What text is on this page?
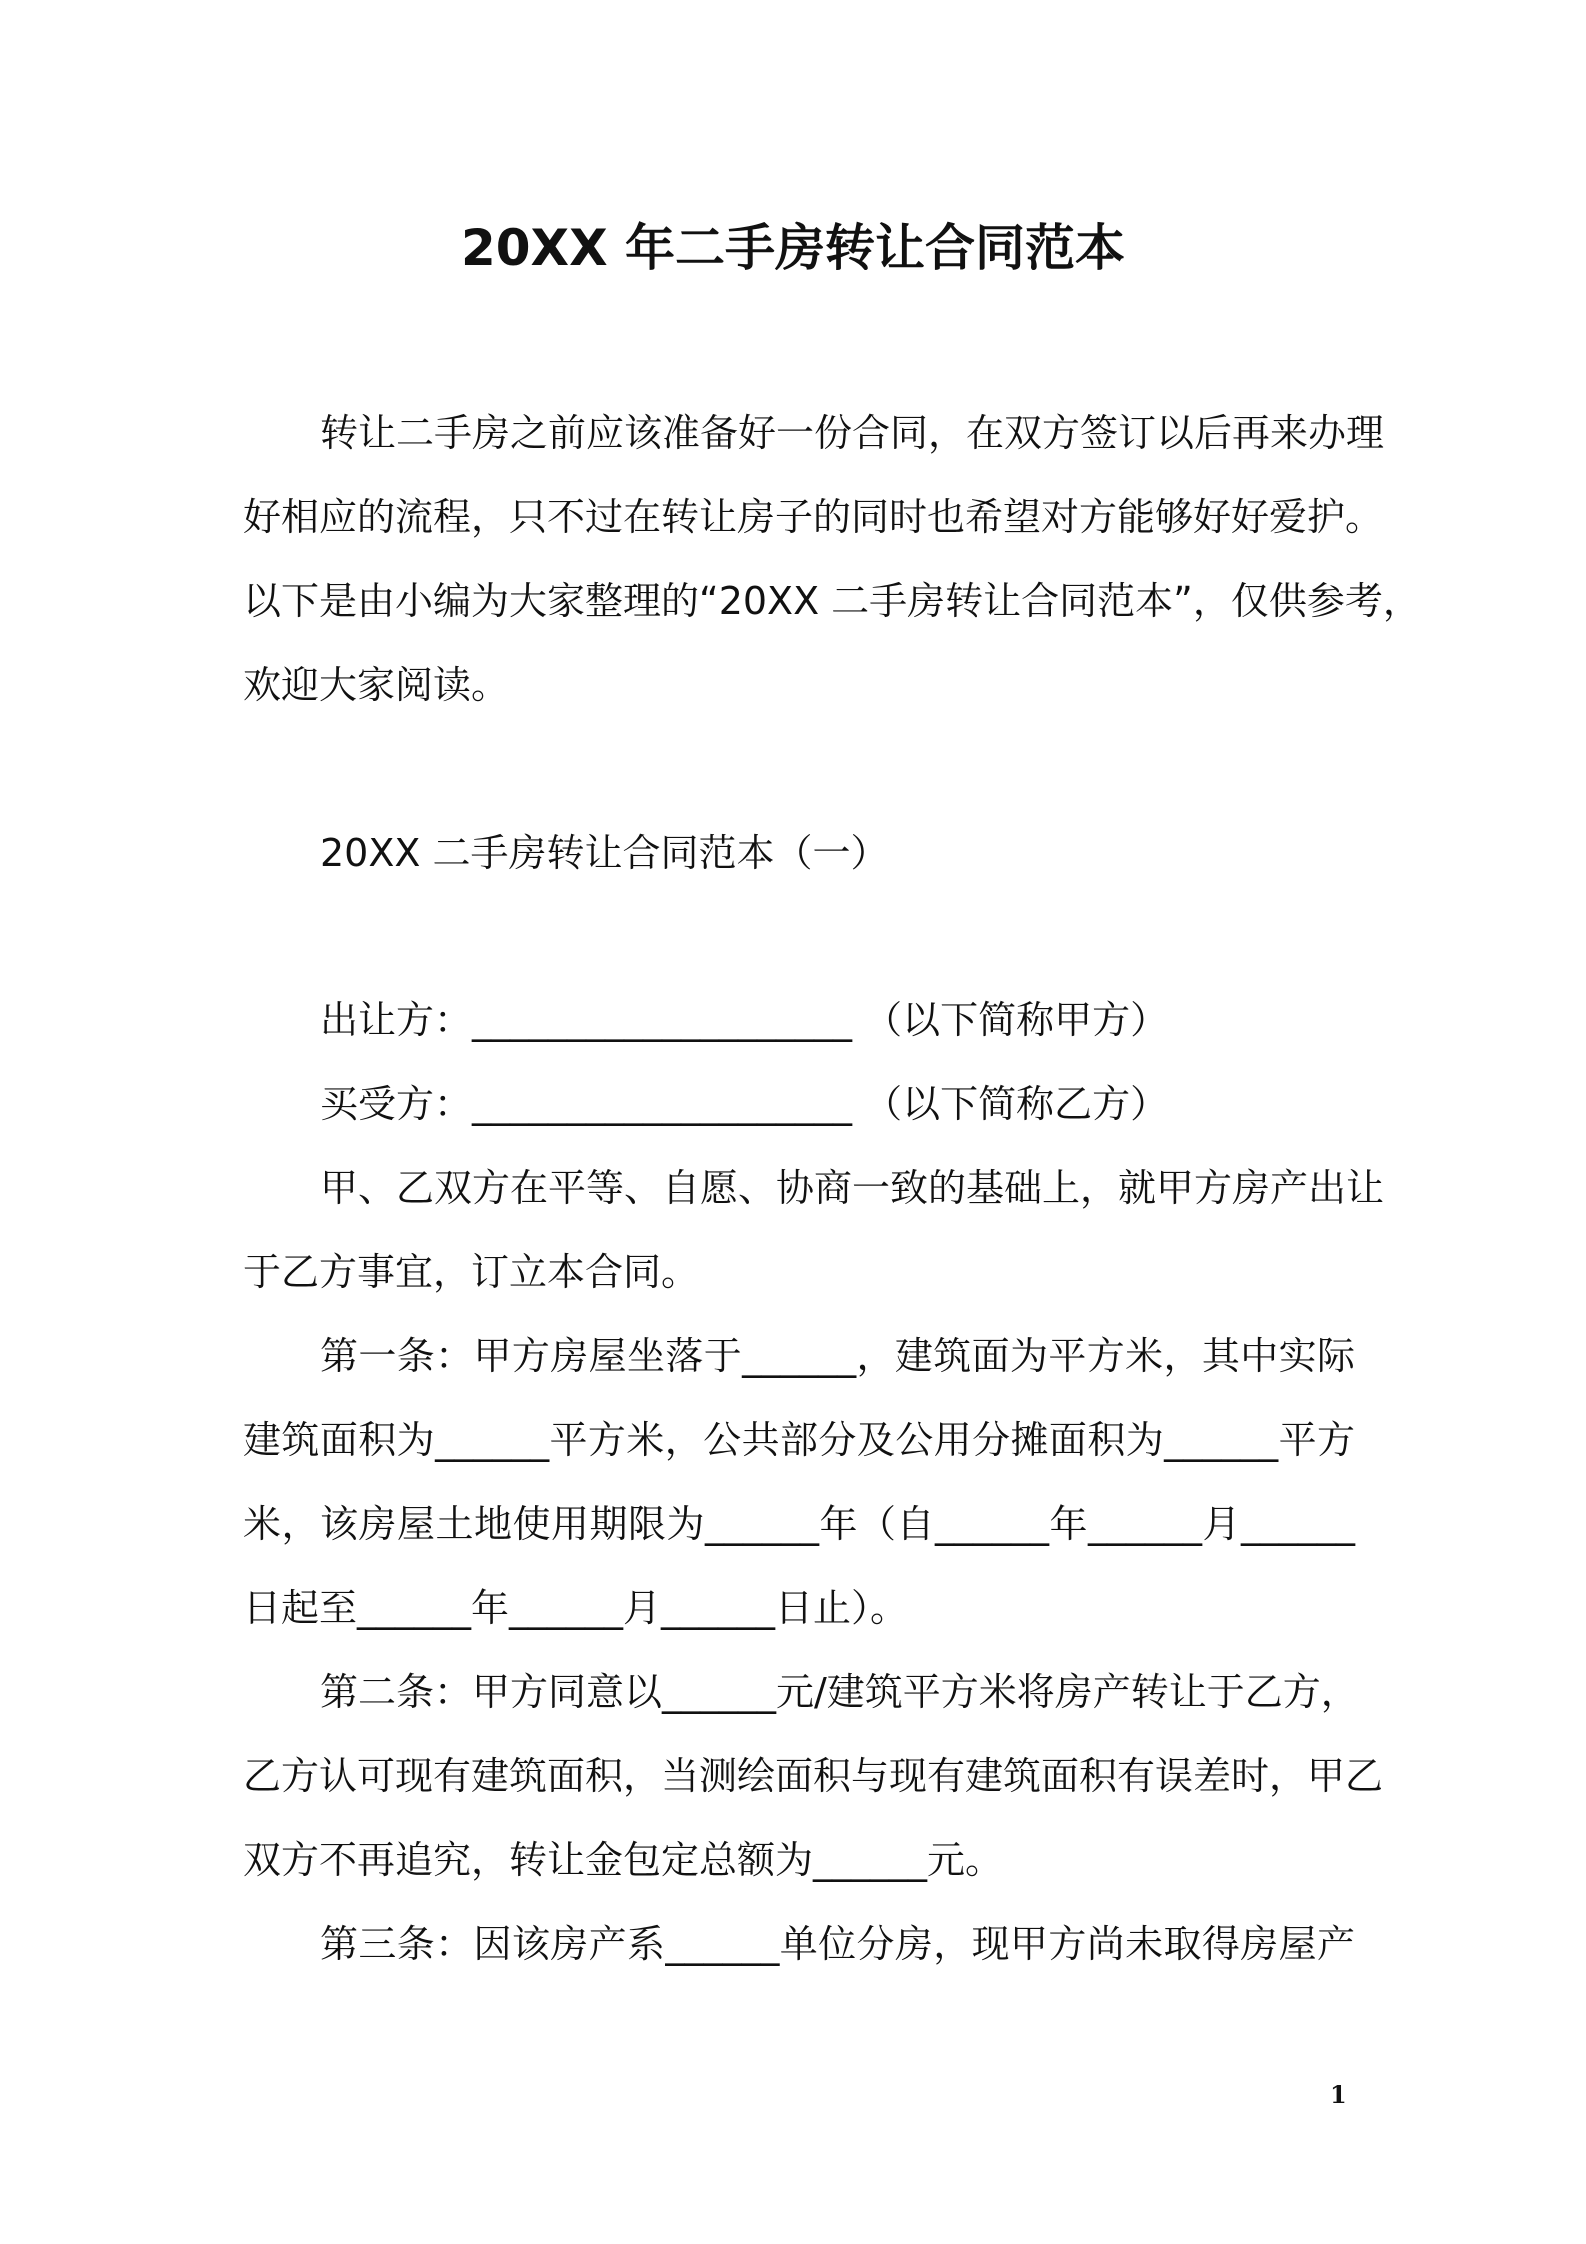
20XX 年二手房转让合同范本
转让二手房之前应该准备好一份合同，在双方签订以后再来办理
好相应的流程，只不过在转让房子的同时也希望对方能够好好爱护。
以下是由小编为大家整理的“20XX 二手房转让合同范本”，仅供参考，
欢迎大家阅读。
20XX 二手房转让合同范本（一）
出让方：____________________ （以下简称甲方）
买受方：____________________ （以下简称乙方）
甲、乙双方在平等、自愿、协商一致的基础上，就甲方房产出让
于乙方事宜，订立本合同。
第一条：甲方房屋坐落于______，建筑面为平方米，其中实际
建筑面积为______平方米，公共部分及公用分摊面积为______平方
米，该房屋土地使用期限为______年（自______年______月______
日起至______年______月______日止）。
第二条：甲方同意以______元/建筑平方米将房产转让于乙方，
乙方认可现有建筑面积，当测绘面积与现有建筑面积有误差时，甲乙
双方不再追究，转让金包定总额为______元。
第三条：因该房产系______单位分房，现甲方尚未取得房屋产
1
